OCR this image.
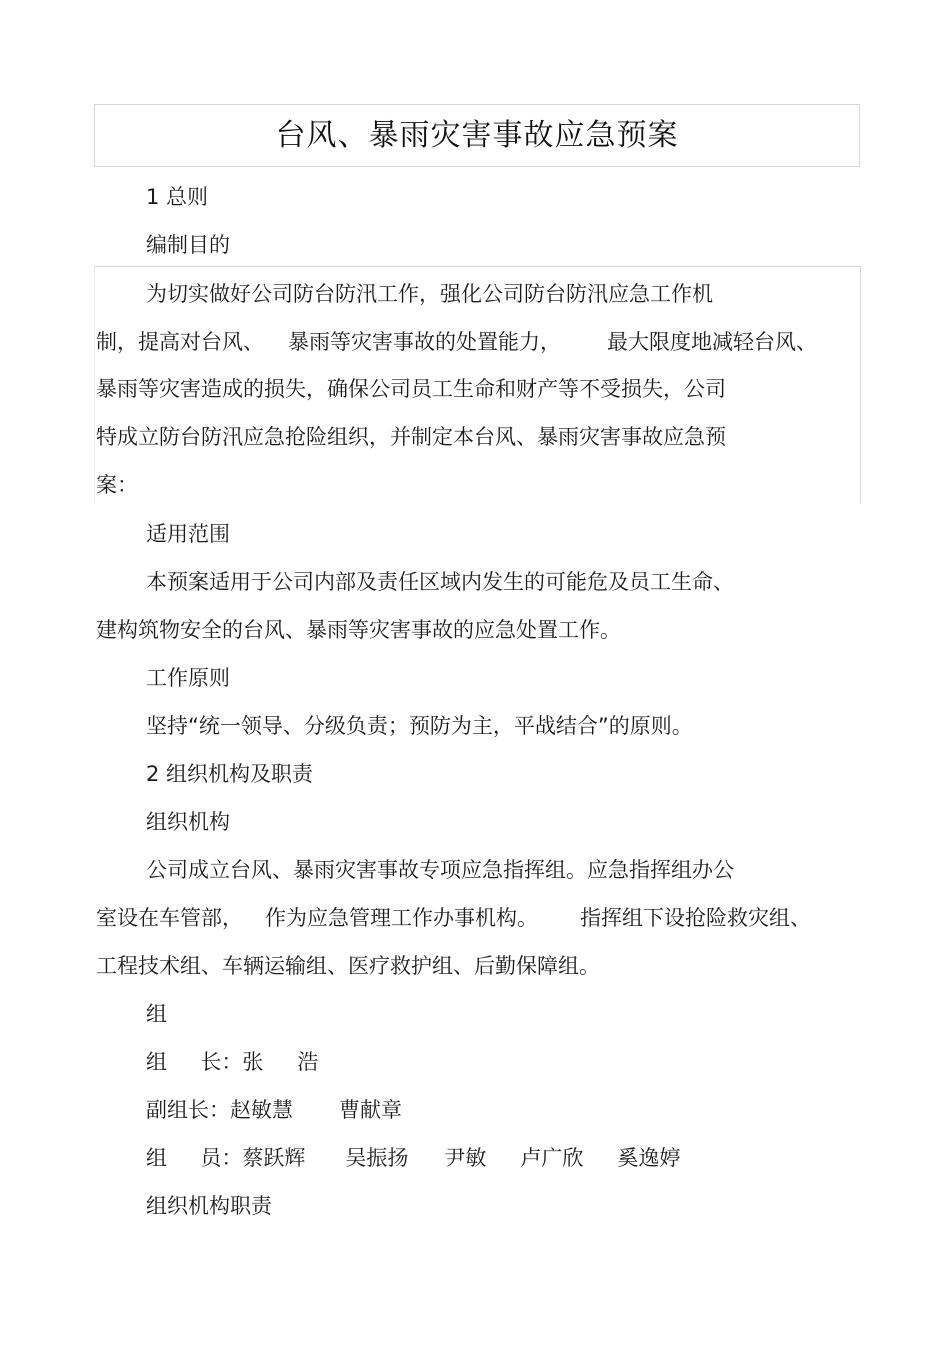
台风、暴雨灾害事故应急预案
1 总则
编制目的
为切实做好公司防台防汛工作，强化公司防台防汛应急工作机
制，提高对台风、 暴雨等灾害事故的处置能力， 最大限度地减轻台风、
暴雨等灾害造成的损失，确保公司员工生命和财产等不受损失，公司
特成立防台防汛应急抢险组织，并制定本台风、暴雨灾害事故应急预
案：
适用范围
本预案适用于公司内部及责任区域内发生的可能危及员工生命、
建构筑物安全的台风、暴雨等灾害事故的应急处置工作。
工作原则
坚持“统一领导、分级负责；预防为主，平战结合”的原则。
2 组织机构及职责
组织机构
公司成立台风、暴雨灾害事故专项应急指挥组。应急指挥组办公
室设在车管部， 作为应急管理工作办事机构。 指挥组下设抢险救灾组、
工程技术组、车辆运输组、医疗救护组、后勤保障组。
组
组     长：张 浩
副组长：赵敏慧 曹献章
组     员：蔡跃辉 吴振扬 尹敏 卢广欣 奚逸婷
组织机构职责
